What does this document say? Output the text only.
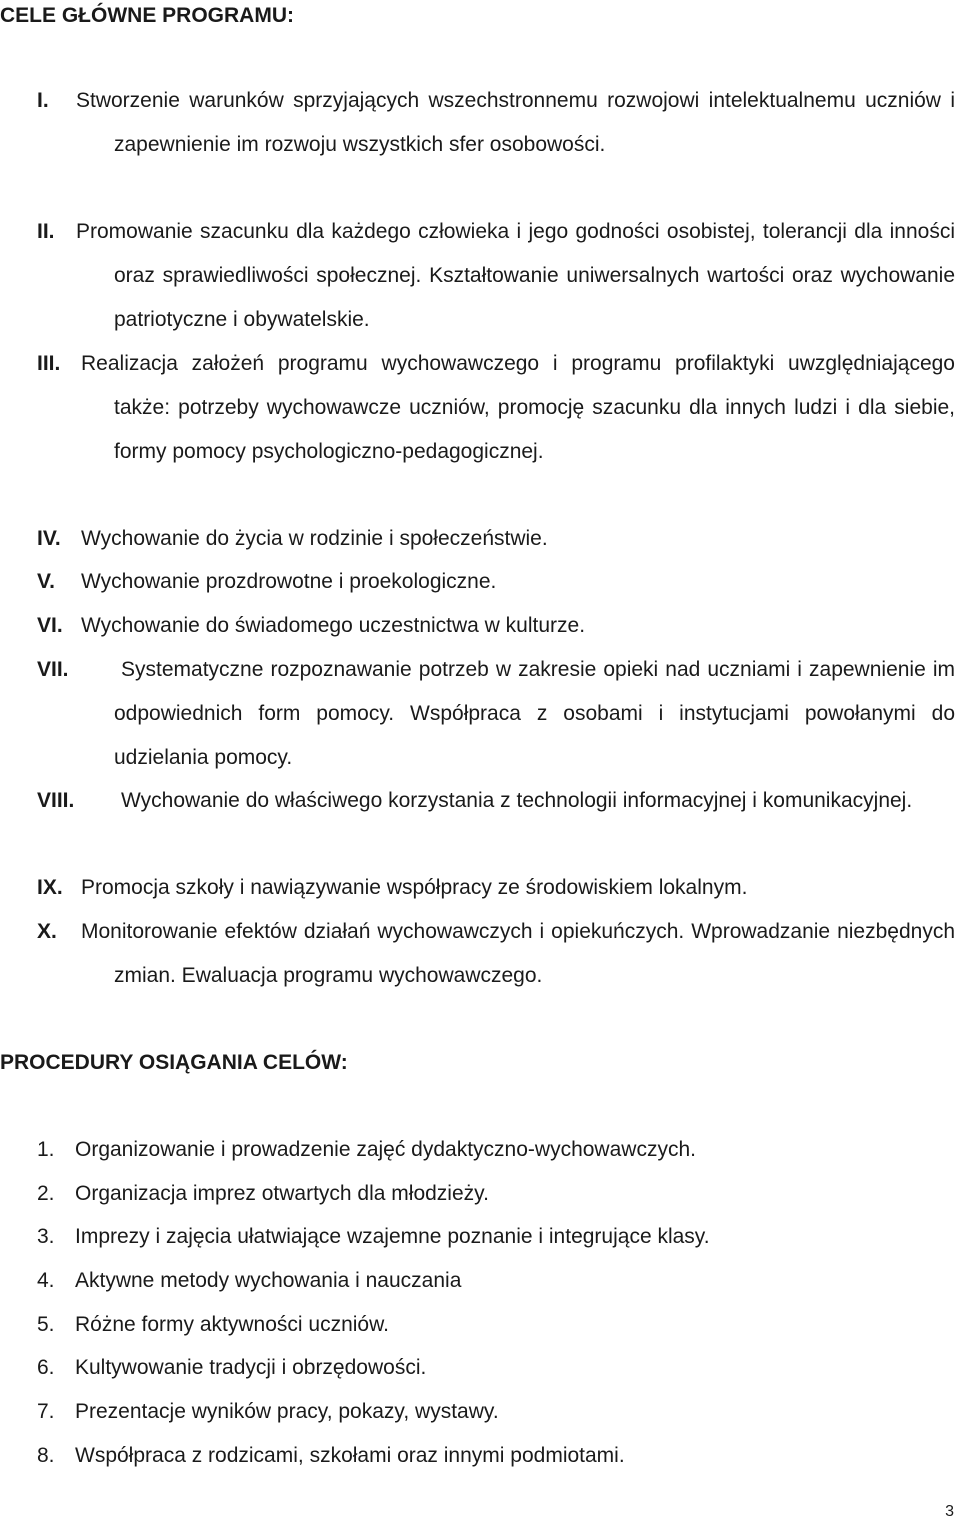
CELE GŁÓWNE PROGRAMU:
I.	Stworzenie warunków sprzyjających wszechstronnemu rozwojowi intelektualnemu uczniów i zapewnienie im rozwoju wszystkich sfer osobowości.

II.	Promowanie szacunku dla każdego człowieka i jego godności osobistej, tolerancji dla inności oraz sprawiedliwości społecznej. Kształtowanie uniwersalnych wartości oraz wychowanie patriotyczne i obywatelskie.

III. Realizacja założeń programu wychowawczego i programu profilaktyki uwzględniającego także: potrzeby wychowawcze uczniów, promocję szacunku dla innych ludzi i dla siebie, formy pomocy psychologiczno-pedagogicznej.

IV. Wychowanie do życia w rodzinie i społeczeństwie.

V.	Wychowanie prozdrowotne i proekologiczne.

VI. Wychowanie do świadomego uczestnictwa w kulturze.

VII.	Systematyczne rozpoznawanie potrzeb w zakresie opieki nad uczniami i zapewnienie im odpowiednich form pomocy. Współpraca z osobami i instytucjami powołanymi do udzielania pomocy.

VIII.	Wychowanie do właściwego korzystania z technologii informacyjnej i komunikacyjnej.

IX. Promocja szkoły i nawiązywanie współpracy ze środowiskiem lokalnym.

X.	Monitorowanie efektów działań wychowawczych i opiekuńczych. Wprowadzanie niezbędnych zmian. Ewaluacja programu wychowawczego.

PROCEDURY OSIĄGANIA CELÓW:
1. Organizowanie i prowadzenie zajęć dydaktyczno-wychowawczych.
2. Organizacja imprez otwartych dla młodzieży.
3. Imprezy i zajęcia ułatwiające wzajemne poznanie i integrujące klasy.
4. Aktywne metody wychowania i nauczania
5. Różne formy aktywności uczniów.
6. Kultywowanie tradycji i obrzędowości.
7. Prezentacje wyników pracy, pokazy, wystawy.
8. Współpraca z rodzicami, szkołami oraz innymi podmiotami.
3
